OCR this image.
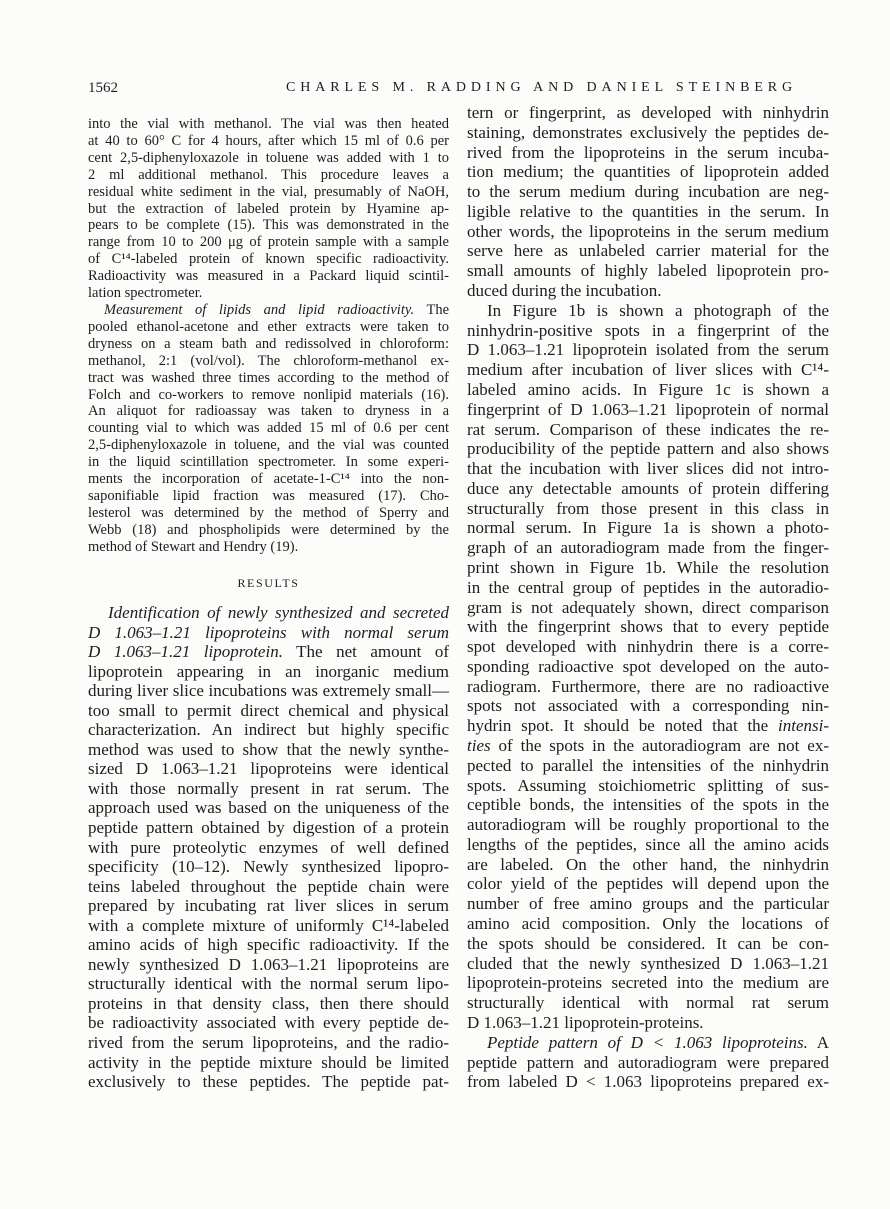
1562	CHARLES M. RADDING AND DANIEL STEINBERG
into the vial with methanol. The vial was then heated
at 40 to 60° C for 4 hours, after which 15 ml of 0.6 per
cent 2,5-diphenyloxazole in toluene was added with 1 to
2 ml additional methanol. This procedure leaves a
residual white sediment in the vial, presumably of NaOH,
but the extraction of labeled protein by Hyamine ap-
pears to be complete (15). This was demonstrated in the
range from 10 to 200 μg of protein sample with a sample
of C¹⁴-labeled protein of known specific radioactivity.
Radioactivity was measured in a Packard liquid scintil-
lation spectrometer.
Measurement of lipids and lipid radioactivity. The
pooled ethanol-acetone and ether extracts were taken to
dryness on a steam bath and redissolved in chloroform:
methanol, 2:1 (vol/vol). The chloroform-methanol ex-
tract was washed three times according to the method of
Folch and co-workers to remove nonlipid materials (16).
An aliquot for radioassay was taken to dryness in a
counting vial to which was added 15 ml of 0.6 per cent
2,5-diphenyloxazole in toluene, and the vial was counted
in the liquid scintillation spectrometer. In some experi-
ments the incorporation of acetate-1-C¹⁴ into the non-
saponifiable lipid fraction was measured (17). Cho-
lesterol was determined by the method of Sperry and
Webb (18) and phospholipids were determined by the
method of Stewart and Hendry (19).
RESULTS
Identification of newly synthesized and secreted
D 1.063–1.21 lipoproteins with normal serum
D 1.063–1.21 lipoprotein. The net amount of
lipoprotein appearing in an inorganic medium
during liver slice incubations was extremely small—
too small to permit direct chemical and physical
characterization. An indirect but highly specific
method was used to show that the newly synthe-
sized D 1.063–1.21 lipoproteins were identical
with those normally present in rat serum. The
approach used was based on the uniqueness of the
peptide pattern obtained by digestion of a protein
with pure proteolytic enzymes of well defined
specificity (10–12). Newly synthesized lipopro-
teins labeled throughout the peptide chain were
prepared by incubating rat liver slices in serum
with a complete mixture of uniformly C¹⁴-labeled
amino acids of high specific radioactivity. If the
newly synthesized D 1.063–1.21 lipoproteins are
structurally identical with the normal serum lipo-
proteins in that density class, then there should
be radioactivity associated with every peptide de-
rived from the serum lipoproteins, and the radio-
activity in the peptide mixture should be limited
exclusively to these peptides. The peptide pat-
tern or fingerprint, as developed with ninhydrin
staining, demonstrates exclusively the peptides de-
rived from the lipoproteins in the serum incuba-
tion medium; the quantities of lipoprotein added
to the serum medium during incubation are neg-
ligible relative to the quantities in the serum. In
other words, the lipoproteins in the serum medium
serve here as unlabeled carrier material for the
small amounts of highly labeled lipoprotein pro-
duced during the incubation.
In Figure 1b is shown a photograph of the
ninhydrin-positive spots in a fingerprint of the
D 1.063–1.21 lipoprotein isolated from the serum
medium after incubation of liver slices with C¹⁴-
labeled amino acids. In Figure 1c is shown a
fingerprint of D 1.063–1.21 lipoprotein of normal
rat serum. Comparison of these indicates the re-
producibility of the peptide pattern and also shows
that the incubation with liver slices did not intro-
duce any detectable amounts of protein differing
structurally from those present in this class in
normal serum. In Figure 1a is shown a photo-
graph of an autoradiogram made from the finger-
print shown in Figure 1b. While the resolution
in the central group of peptides in the autoradio-
gram is not adequately shown, direct comparison
with the fingerprint shows that to every peptide
spot developed with ninhydrin there is a corre-
sponding radioactive spot developed on the auto-
radiogram. Furthermore, there are no radioactive
spots not associated with a corresponding nin-
hydrin spot. It should be noted that the intensi-
ties of the spots in the autoradiogram are not ex-
pected to parallel the intensities of the ninhydrin
spots. Assuming stoichiometric splitting of sus-
ceptible bonds, the intensities of the spots in the
autoradiogram will be roughly proportional to the
lengths of the peptides, since all the amino acids
are labeled. On the other hand, the ninhydrin
color yield of the peptides will depend upon the
number of free amino groups and the particular
amino acid composition. Only the locations of
the spots should be considered. It can be con-
cluded that the newly synthesized D 1.063–1.21
lipoprotein-proteins secreted into the medium are
structurally identical with normal rat serum
D 1.063–1.21 lipoprotein-proteins.
Peptide pattern of D < 1.063 lipoproteins. A
peptide pattern and autoradiogram were prepared
from labeled D < 1.063 lipoproteins prepared ex-
